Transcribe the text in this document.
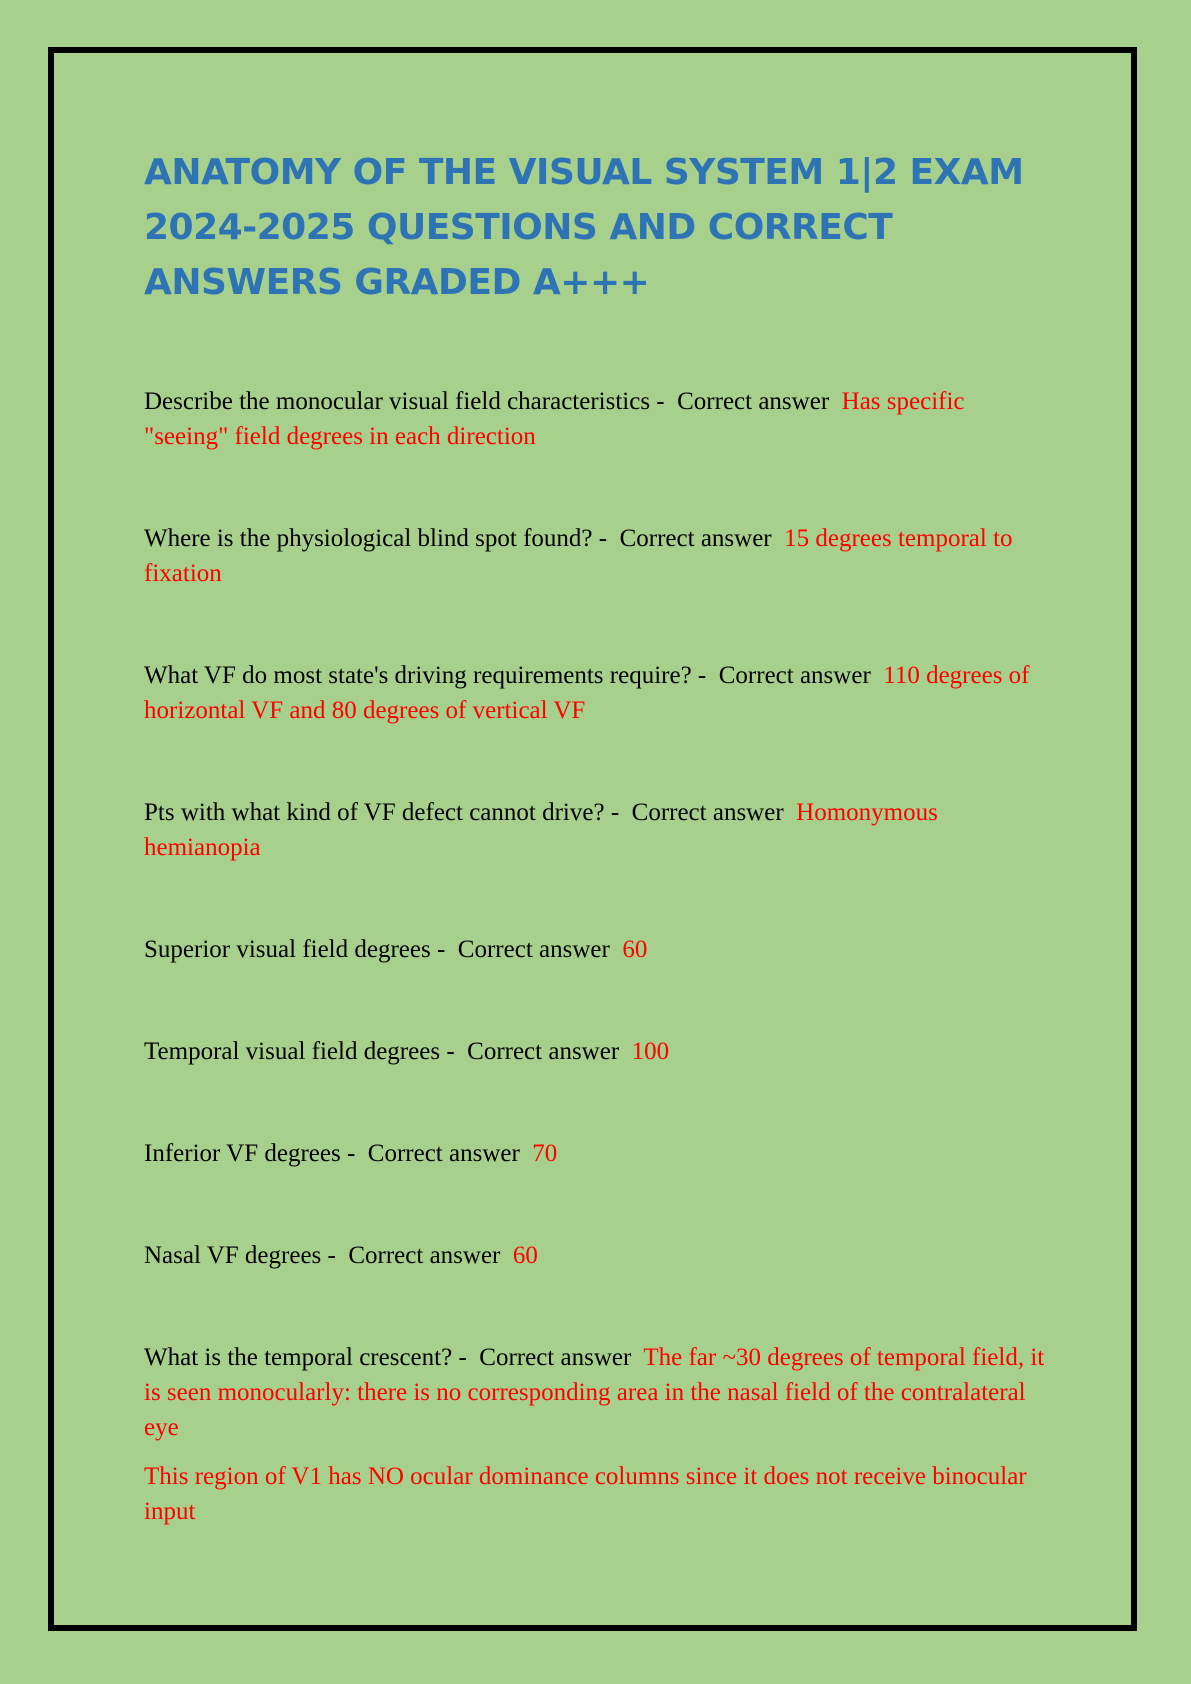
ANATOMY OF THE VISUAL SYSTEM 1|2 EXAM 2024-2025 QUESTIONS AND CORRECT ANSWERS GRADED A+++

Describe the monocular visual field characteristics -  Correct answer Has specific "seeing" field degrees in each direction

Where is the physiological blind spot found? -  Correct answer 15 degrees temporal to fixation

What VF do most state's driving requirements require? -  Correct answer 110 degrees of horizontal VF and 80 degrees of vertical VF

Pts with what kind of VF defect cannot drive? -  Correct answer Homonymous hemianopia

Superior visual field degrees -  Correct answer 60

Temporal visual field degrees -  Correct answer 100

Inferior VF degrees -  Correct answer 70

Nasal VF degrees -  Correct answer 60

What is the temporal crescent? -  Correct answer The far ~30 degrees of temporal field, it is seen monocularly: there is no corresponding area in the nasal field of the contralateral eye

This region of V1 has NO ocular dominance columns since it does not receive binocular input
